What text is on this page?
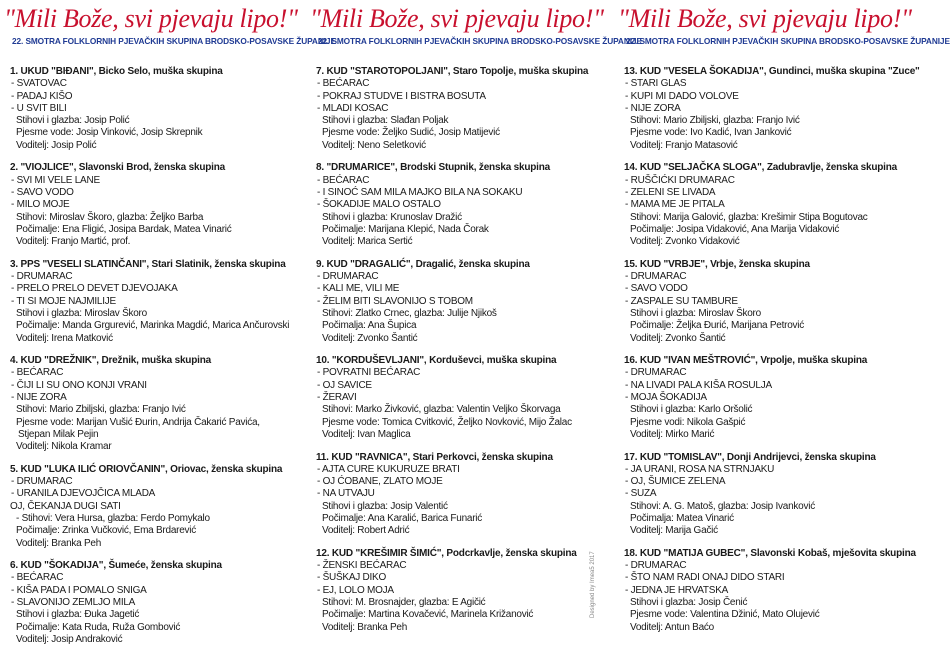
"Mili Bože, svi pjevaju lipo!"
22. SMOTRA FOLKLORNIH PJEVAČKIH SKUPINA BRODSKO-POSAVSKE ŽUPANIJE
1. UKUD "BIĐANI", Bicko Selo, muška skupina
- SVATOVAC
- PADAJ KIŠO
- U SVIT BILI
Stihovi i glazba: Josip Polić
Pjesme vode: Josip Vinković, Josip Skrepnik
Voditelj: Josip Polić
2. "VIOJLICE", Slavonski Brod, ženska skupina
- SVI MI VELE LANE
- SAVO VODO
- MILO MOJE
Stihovi: Miroslav Škoro, glazba: Željko Barba
Počimalje: Ena Fligić, Josipa Bardak, Matea Vinarić
Voditelj: Franjo Martić, prof.
3. PPS "VESELI SLATINČANI", Stari Slatinik, ženska skupina
- DRUMARAC
- PRELO PRELO DEVET DJEVOJAKA
- TI SI MOJE NAJMILIJE
Stihovi i glazba: Miroslav Škoro
Počimalje: Manda Grgurević, Marinka Magdić, Marica Ančurovski
Voditelj: Irena Matković
4. KUD "DREŽNIK", Drežnik, muška skupina
- BEĆARAC
- ČIJI LI SU ONO KONJI VRANI
- NIJE ZORA
Stihovi: Mario Zbiljski, glazba: Franjo Ivić
Pjesme vode: Marijan Vušić Đurin, Andrija Čakarić Pavića,
Stjepan Milak Pejin
Voditelj: Nikola Kramar
5. KUD "LUKA ILIĆ ORIOVČANIN", Oriovac, ženska skupina
- DRUMARAC
- URANILA DJEVOJČICA MLADA
OJ, ČEKANJA DUGI SATI
- Stihovi: Vera Hursa, glazba: Ferdo Pomykalo
Počimalje: Zrinka Vučković, Ema Brdarević
Voditelj: Branka Peh
6. KUD "ŠOKADIJA", Šumeće, ženska skupina
- BEĆARAC
- KIŠA PADA I POMALO SNIGA
- SLAVONIJO ZEMLJO MILA
Stihovi i glazba: Đuka Jagetić
Počimalje: Kata Ruda, Ruža Gombović
Voditelj: Josip Andraković
"Mili Bože, svi pjevaju lipo!"
22. SMOTRA FOLKLORNIH PJEVAČKIH SKUPINA BRODSKO-POSAVSKE ŽUPANIJE
7. KUD "STAROTOPOLJANI", Staro Topolje, muška skupina
- BEĆARAC
- POKRAJ STUDVE I BISTRA BOSUTA
- MLADI KOSAC
Stihovi i glazba: Slađan Poljak
Pjesme vode: Željko Sudić, Josip Matijević
Voditelj: Neno Seletković
8. "DRUMARICE", Brodski Stupnik, ženska skupina
- BEĆARAC
- I SINOĆ SAM MILA MAJKO BILA NA SOKAKU
- ŠOKADIJE MALO OSTALO
Stihovi i glazba: Krunoslav Dražić
Počimalje: Marijana Klepić, Nada Čorak
Voditelj: Marica Sertić
9. KUD "DRAGALIĆ", Dragalić, ženska skupina
- DRUMARAC
- KALI ME, VILI ME
- ŽELIM BITI SLAVONIJO S TOBOM
Stihovi: Zlatko Crnec, glazba: Julije Njikoš
Počimalja: Ana Šupica
Voditelj: Zvonko Šantić
10. "KORDUŠEVLJANI", Korduševci, muška skupina
- POVRATNI BEĆARAC
- OJ SAVICE
- ŽERAVI
Stihovi: Marko Živković, glazba: Valentin Veljko Škorvaga
Pjesme vode: Tomica Cvitković, Željko Novković, Mijo Žalac
Voditelj: Ivan Maglica
11. KUD "RAVNICA", Stari Perkovci, ženska skupina
- AJTA CURE KUKURUZE BRATI
- OJ ĆOBANE, ZLATO MOJE
- NA UTVAJU
Stihovi i glazba: Josip Valentić
Počimalje: Ana Karalić, Barica Funarić
Voditelj: Robert Adrić
12. KUD "KREŠIMIR ŠIMIĆ", Podcrkavlje, ženska skupina
- ŽENSKI BEĆARAC
- ŠUŠKAJ DIKO
- EJ, LOLO MOJA
Stihovi: M. Brosnajder, glazba: E Agičić
Počimalje: Martina Kovačević, Marinela Križanović
Voditelj: Branka Peh
"Mili Bože, svi pjevaju lipo!"
22. SMOTRA FOLKLORNIH PJEVAČKIH SKUPINA BRODSKO-POSAVSKE ŽUPANIJE
13. KUD "VESELA ŠOKADIJA", Gundinci, muška skupina "Zuce"
- STARI GLAS
- KUPI MI DADO VOLOVE
- NIJE ZORA
Stihovi: Mario Zbiljski, glazba: Franjo Ivić
Pjesme vode: Ivo Kadić, Ivan Janković
Voditelj: Franjo Matasović
14. KUD "SELJAČKA SLOGA", Zadubravlje, ženska skupina
- RUŠČIĆKI DRUMARAC
- ZELENI SE LIVADA
- MAMA ME JE PITALA
Stihovi: Marija Galović, glazba: Krešimir Stipa Bogutovac
Počimalje: Josipa Vidaković, Ana Marija Vidaković
Voditelj: Zvonko Vidaković
15. KUD "VRBJE", Vrbje, ženska skupina
- DRUMARAC
- SAVO VODO
- ZASPALE SU TAMBURE
Stihovi i glazba: Miroslav Škoro
Počimalje: Željka Đurić, Marijana Petrović
Voditelj: Zvonko Šantić
16. KUD "IVAN MEŠTROVIĆ", Vrpolje, muška skupina
- DRUMARAC
- NA LIVADI PALA KIŠA ROSULJA
- MOJA ŠOKADIJA
Stihovi i glazba: Karlo Oršolić
Pjesme vodi: Nikola Gašpić
Voditelj: Mirko Marić
17. KUD "TOMISLAV", Donji Andrijevci, ženska skupina
- JA URANI, ROSA NA STRNJAKU
- OJ, ŠUMICE ZELENA
- SUZA
Stihovi: A. G. Matoš, glazba: Josip Ivanković
Počimalja: Matea Vinarić
Voditelj: Marija Gačić
18. KUD "MATIJA GUBEC", Slavonski Kobaš, mješovita skupina
- DRUMARAC
- ŠTO NAM RADI ONAJ DIDO STARI
- JEDNA JE HRVATSKA
Stihovi i glazba: Josip Čenić
Pjesme vode: Valentina Džinić, Mato Olujević
Voditelj: Antun Baćo
Designed by Imea5 2017
